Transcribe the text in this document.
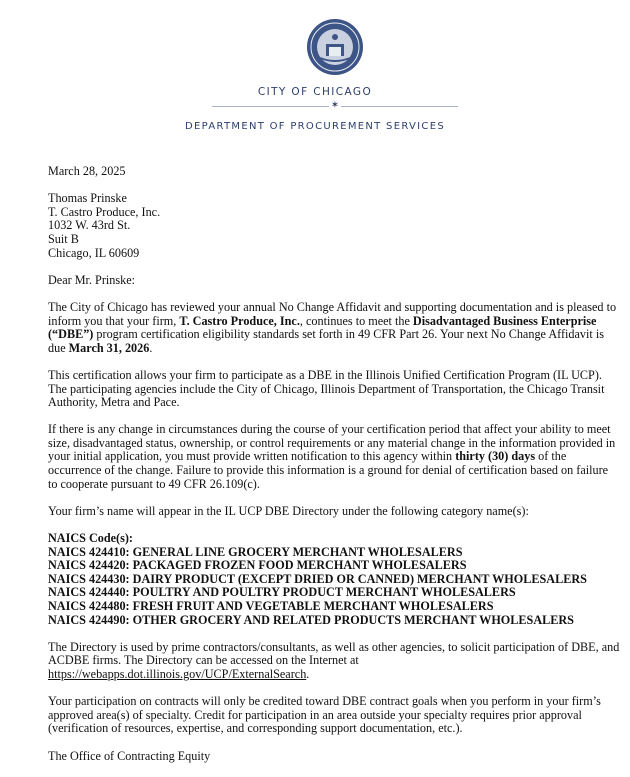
CITY OF CHICAGO
✶
DEPARTMENT OF PROCUREMENT SERVICES

March 28, 2025

Thomas Prinske
T. Castro Produce, Inc.
1032 W. 43rd St.
Suit B
Chicago, IL 60609

Dear Mr. Prinske:

The City of Chicago has reviewed your annual No Change Affidavit and supporting documentation and is pleased to inform you that your firm, T. Castro Produce, Inc., continues to meet the Disadvantaged Business Enterprise (“DBE”) program certification eligibility standards set forth in 49 CFR Part 26. Your next No Change Affidavit is due March 31, 2026.

This certification allows your firm to participate as a DBE in the Illinois Unified Certification Program (IL UCP). The participating agencies include the City of Chicago, Illinois Department of Transportation, the Chicago Transit Authority, Metra and Pace.

If there is any change in circumstances during the course of your certification period that affect your ability to meet size, disadvantaged status, ownership, or control requirements or any material change in the information provided in your initial application, you must provide written notification to this agency within thirty (30) days of the occurrence of the change. Failure to provide this information is a ground for denial of certification based on failure to cooperate pursuant to 49 CFR 26.109(c).

Your firm’s name will appear in the IL UCP DBE Directory under the following category name(s):

NAICS Code(s):
NAICS 424410: GENERAL LINE GROCERY MERCHANT WHOLESALERS
NAICS 424420: PACKAGED FROZEN FOOD MERCHANT WHOLESALERS
NAICS 424430: DAIRY PRODUCT (EXCEPT DRIED OR CANNED) MERCHANT WHOLESALERS
NAICS 424440: POULTRY AND POULTRY PRODUCT MERCHANT WHOLESALERS
NAICS 424480: FRESH FRUIT AND VEGETABLE MERCHANT WHOLESALERS
NAICS 424490: OTHER GROCERY AND RELATED PRODUCTS MERCHANT WHOLESALERS

The Directory is used by prime contractors/consultants, as well as other agencies, to solicit participation of DBE, and ACDBE firms. The Directory can be accessed on the Internet at https://webapps.dot.illinois.gov/UCP/ExternalSearch.

Your participation on contracts will only be credited toward DBE contract goals when you perform in your firm’s approved area(s) of specialty. Credit for participation in an area outside your specialty requires prior approval (verification of resources, expertise, and corresponding support documentation, etc.).

The Office of Contracting Equity
